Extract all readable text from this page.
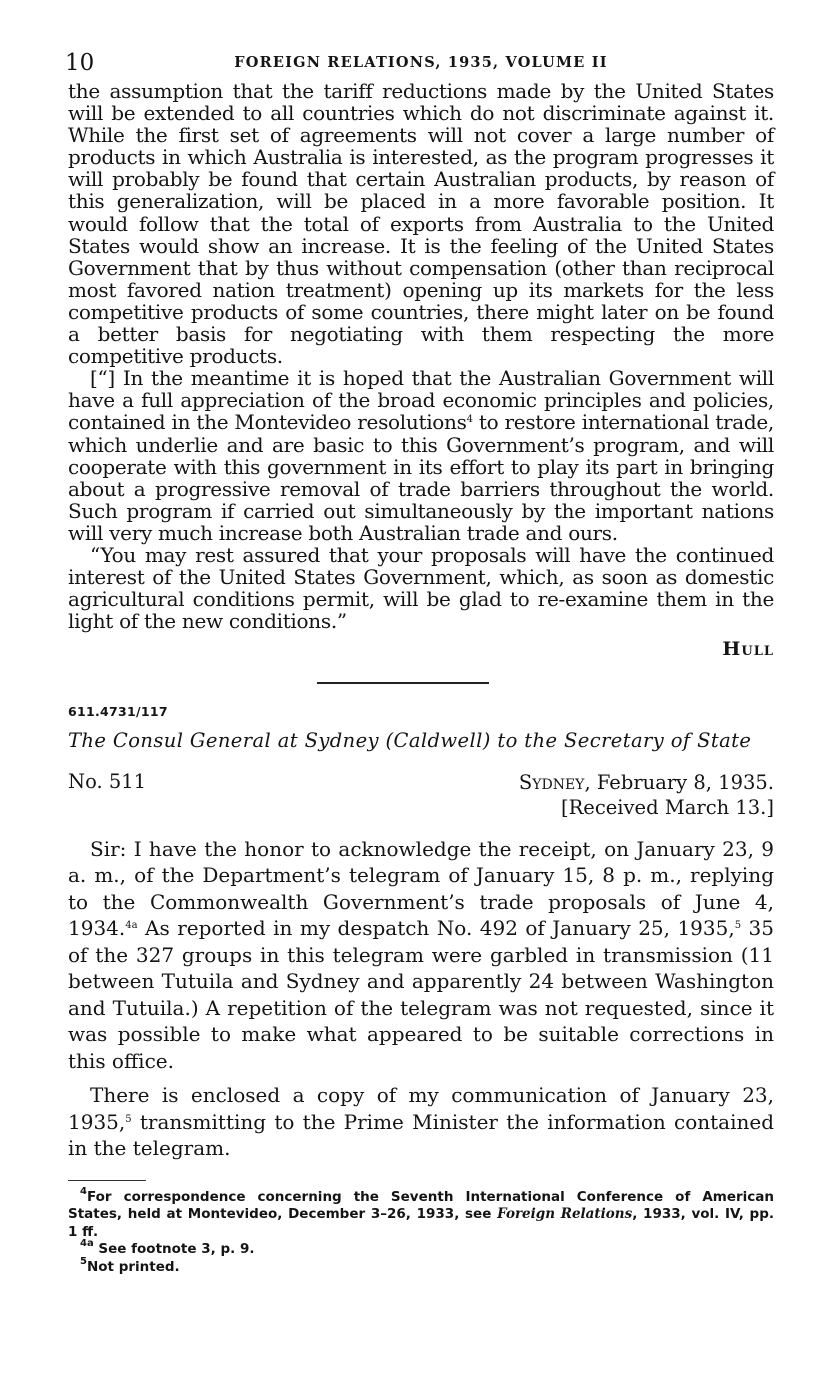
10	FOREIGN RELATIONS, 1935, VOLUME II

the assumption that the tariff reductions made by the United States will be extended to all countries which do not discriminate against it. While the first set of agreements will not cover a large number of products in which Australia is interested, as the program progresses it will probably be found that certain Australian products, by reason of this generalization, will be placed in a more favorable position. It would follow that the total of exports from Australia to the United States would show an increase. It is the feeling of the United States Government that by thus without compensation (other than reciprocal most favored nation treatment) opening up its markets for the less competitive products of some countries, there might later on be found a better basis for negotiating with them respecting the more competitive products.

[“] In the meantime it is hoped that the Australian Government will have a full appreciation of the broad economic principles and policies, contained in the Montevideo resolutions$^4$ to restore international trade, which underlie and are basic to this Government’s program, and will cooperate with this government in its effort to play its part in bringing about a progressive removal of trade barriers throughout the world. Such program if carried out simultaneously by the important nations will very much increase both Australian trade and ours.

“You may rest assured that your proposals will have the continued interest of the United States Government, which, as soon as domestic agricultural conditions permit, will be glad to re-examine them in the light of the new conditions.”

Hull
611.4731/117
The Consul General at Sydney (Caldwell) to the Secretary of State
No. 511	Sydney, February 8, 1935.
[Received March 13.]

Sir: I have the honor to acknowledge the receipt, on January 23, 9 a. m., of the Department’s telegram of January 15, 8 p. m., replying to the Commonwealth Government’s trade proposals of June 4, 1934.$^{4a}$ As reported in my despatch No. 492 of January 25, 1935,$^5$ 35 of the 327 groups in this telegram were garbled in transmission (11 between Tutuila and Sydney and apparently 24 between Washington and Tutuila.) A repetition of the telegram was not requested, since it was possible to make what appeared to be suitable corrections in this office.

There is enclosed a copy of my communication of January 23, 1935,$^5$ transmitting to the Prime Minister the information contained in the telegram.

$^4$For correspondence concerning the Seventh International Conference of American States, held at Montevideo, December 3–26, 1933, see Foreign Relations, 1933, vol. IV, pp. 1 ff.

$^{4a}$ See footnote 3, p. 9.

$^5$Not printed.
